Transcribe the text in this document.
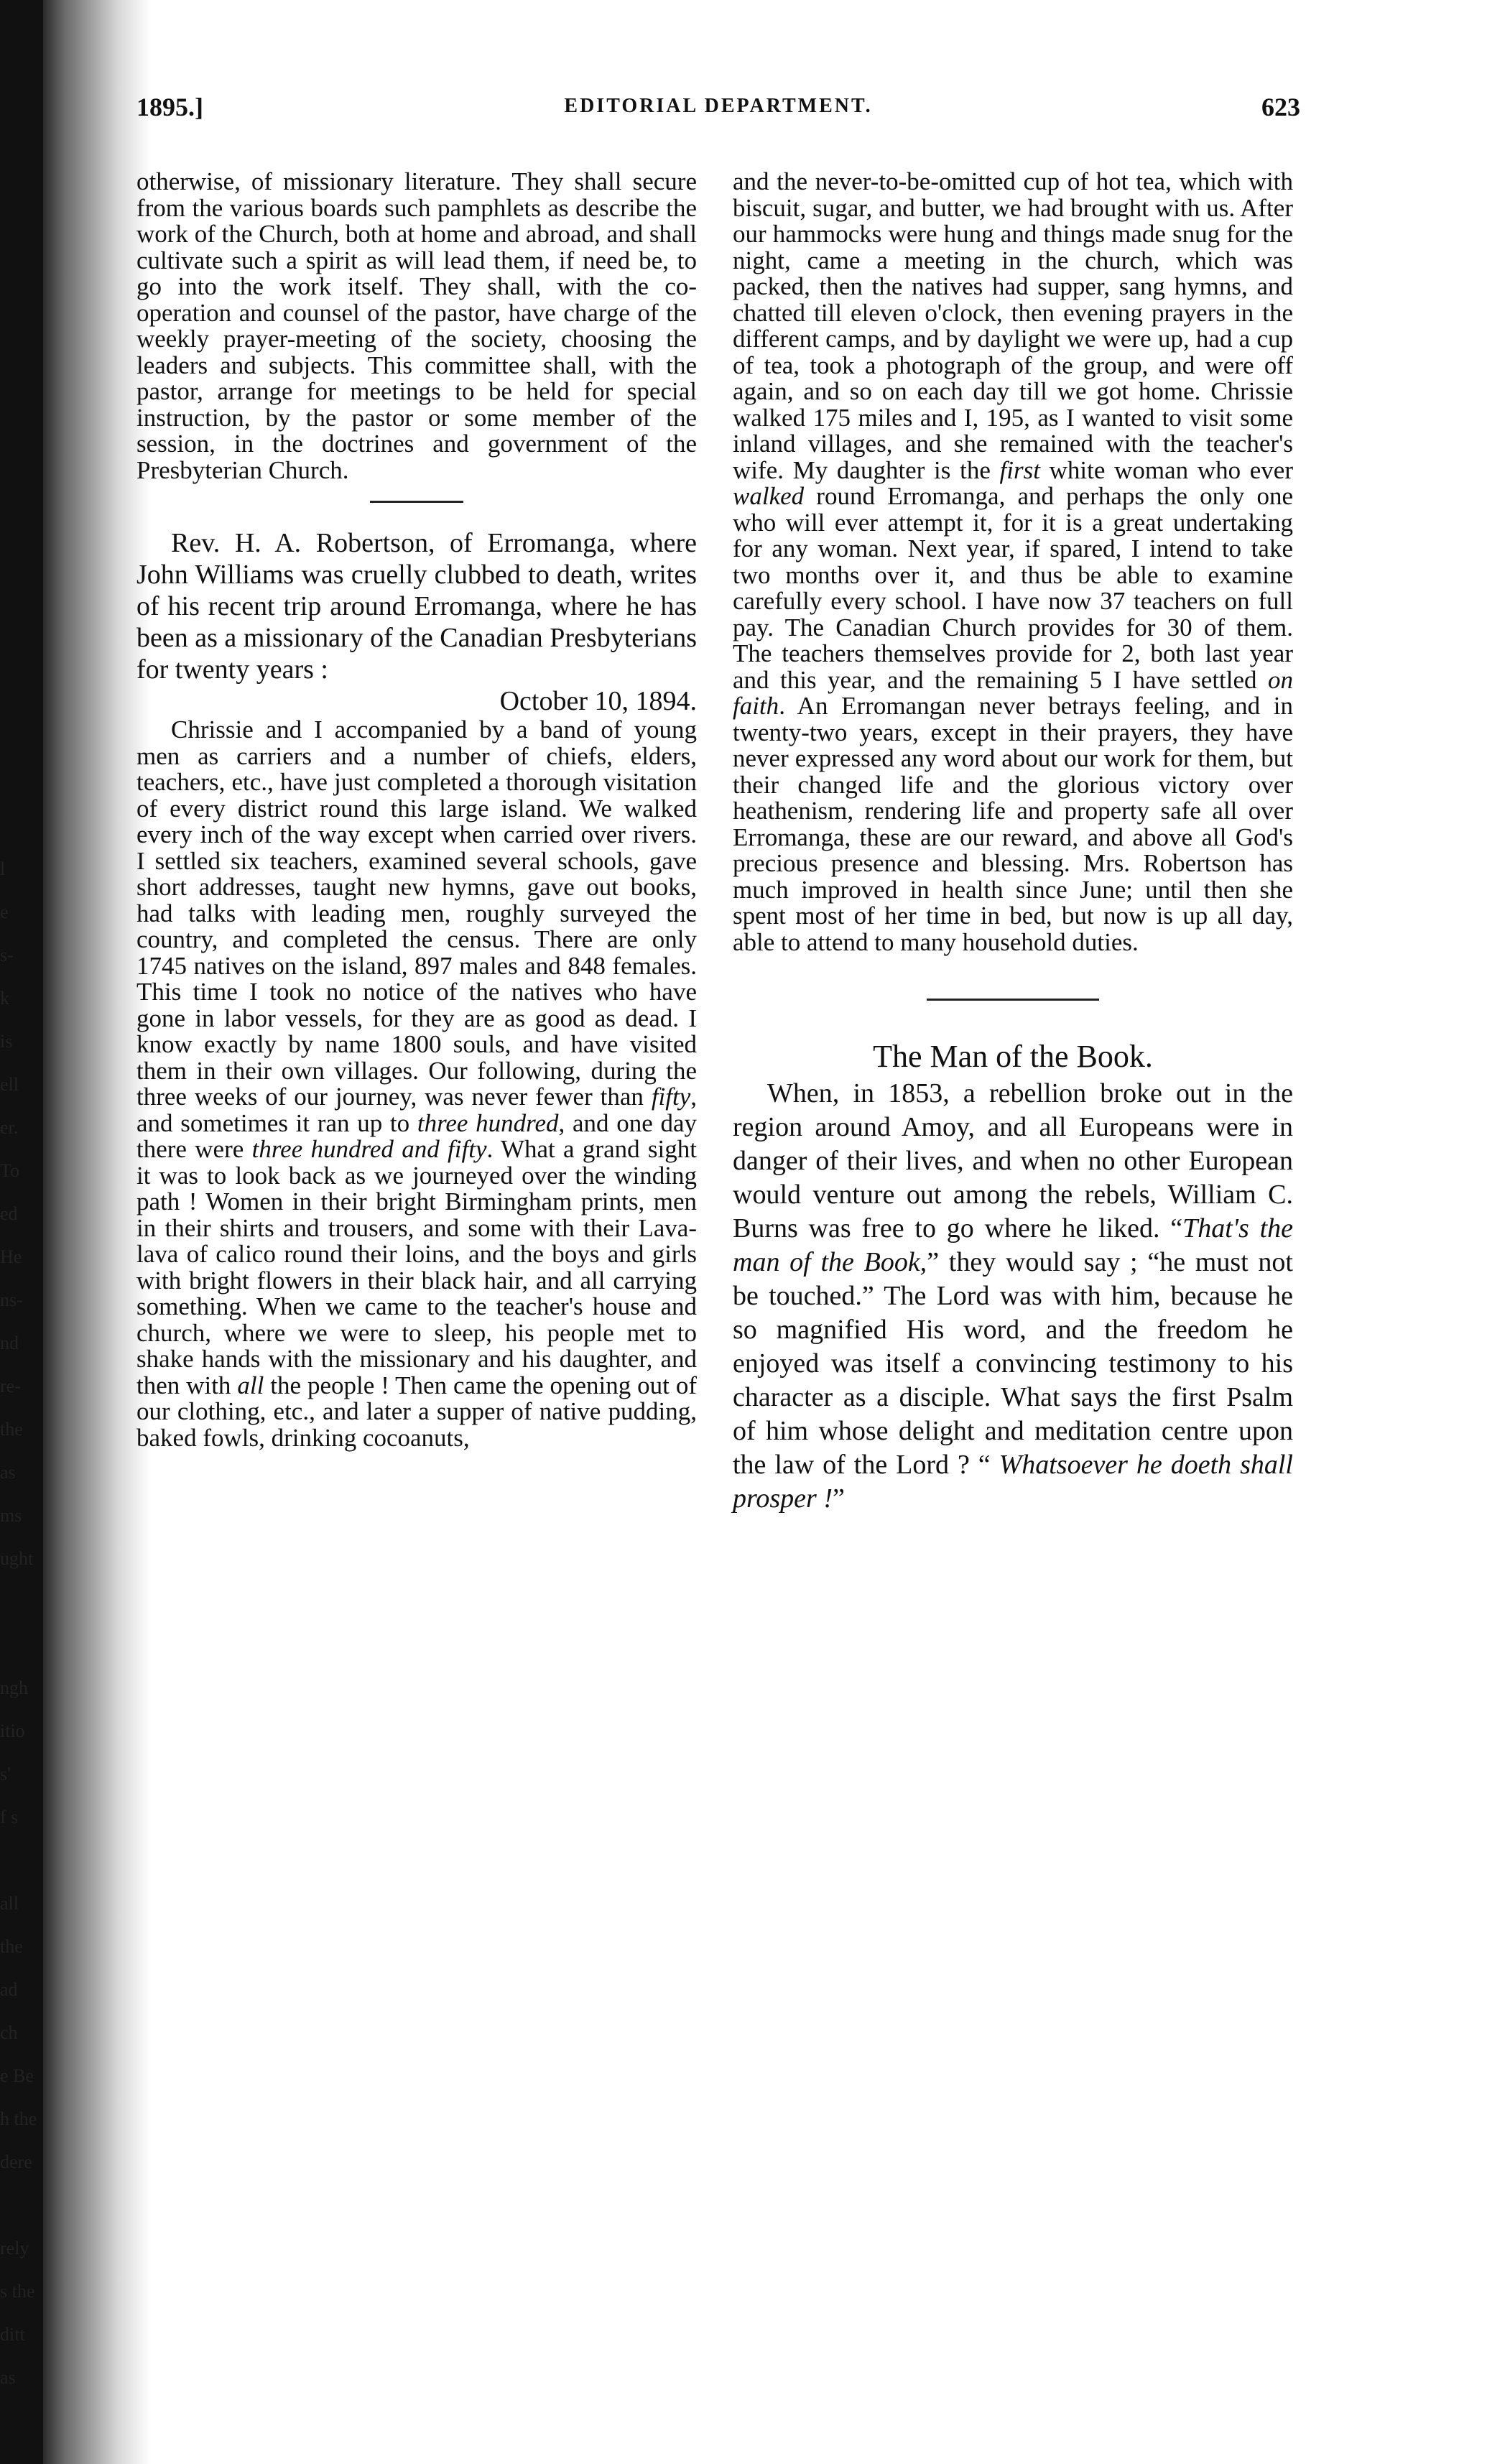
l
e
s-
k
is
ell
er.
To
ed
He
ns-
nd
re-
the
as
ms
ught
ngh
itio
s'
f s
all
the
ad
ch
e Be
h the
dere
rely
s the
ditt
as
1895.]	EDITORIAL DEPARTMENT.	623

otherwise, of missionary literature. They shall secure from the various boards such pamphlets as describe the work of the Church, both at home and abroad, and shall cultivate such a spirit as will lead them, if need be, to go into the work itself. They shall, with the co-operation and counsel of the pastor, have charge of the weekly prayer-meeting of the society, choosing the leaders and subjects. This committee shall, with the pastor, arrange for meetings to be held for special instruction, by the pastor or some member of the session, in the doctrines and government of the Presbyterian Church.

Rev. H. A. Robertson, of Erromanga, where John Williams was cruelly clubbed to death, writes of his recent trip around Erromanga, where he has been as a missionary of the Canadian Presbyterians for twenty years :

October 10, 1894.

Chrissie and I accompanied by a band of young men as carriers and a number of chiefs, elders, teachers, etc., have just completed a thorough visitation of every district round this large island. We walked every inch of the way except when carried over rivers. I settled six teachers, examined several schools, gave short addresses, taught new hymns, gave out books, had talks with leading men, roughly surveyed the country, and completed the census. There are only 1745 natives on the island, 897 males and 848 females. This time I took no notice of the natives who have gone in labor vessels, for they are as good as dead. I know exactly by name 1800 souls, and have visited them in their own villages. Our following, during the three weeks of our journey, was never fewer than fifty, and sometimes it ran up to three hundred, and one day there were three hundred and fifty. What a grand sight it was to look back as we journeyed over the winding path ! Women in their bright Birmingham prints, men in their shirts and trousers, and some with their Lava-lava of calico round their loins, and the boys and girls with bright flowers in their black hair, and all carrying something. When we came to the teacher's house and church, where we were to sleep, his people met to shake hands with the missionary and his daughter, and then with all the people ! Then came the opening out of our clothing, etc., and later a supper of native pudding, baked fowls, drinking cocoanuts,

and the never-to-be-omitted cup of hot tea, which with biscuit, sugar, and butter, we had brought with us. After our hammocks were hung and things made snug for the night, came a meeting in the church, which was packed, then the natives had supper, sang hymns, and chatted till eleven o'clock, then evening prayers in the different camps, and by daylight we were up, had a cup of tea, took a photograph of the group, and were off again, and so on each day till we got home. Chrissie walked 175 miles and I, 195, as I wanted to visit some inland villages, and she remained with the teacher's wife. My daughter is the first white woman who ever walked round Erromanga, and perhaps the only one who will ever attempt it, for it is a great undertaking for any woman. Next year, if spared, I intend to take two months over it, and thus be able to examine carefully every school. I have now 37 teachers on full pay. The Canadian Church provides for 30 of them. The teachers themselves provide for 2, both last year and this year, and the remaining 5 I have settled on faith. An Erromangan never betrays feeling, and in twenty-two years, except in their prayers, they have never expressed any word about our work for them, but their changed life and the glorious victory over heathenism, rendering life and property safe all over Erromanga, these are our reward, and above all God's precious presence and blessing. Mrs. Robertson has much improved in health since June; until then she spent most of her time in bed, but now is up all day, able to attend to many household duties.

The Man of the Book.

When, in 1853, a rebellion broke out in the region around Amoy, and all Europeans were in danger of their lives, and when no other European would venture out among the rebels, William C. Burns was free to go where he liked. “That's the man of the Book,” they would say ; “he must not be touched.” The Lord was with him, because he so magnified His word, and the freedom he enjoyed was itself a convincing testimony to his character as a disciple. What says the first Psalm of him whose delight and meditation centre upon the law of the Lord ? “ Whatsoever he doeth shall prosper !”
